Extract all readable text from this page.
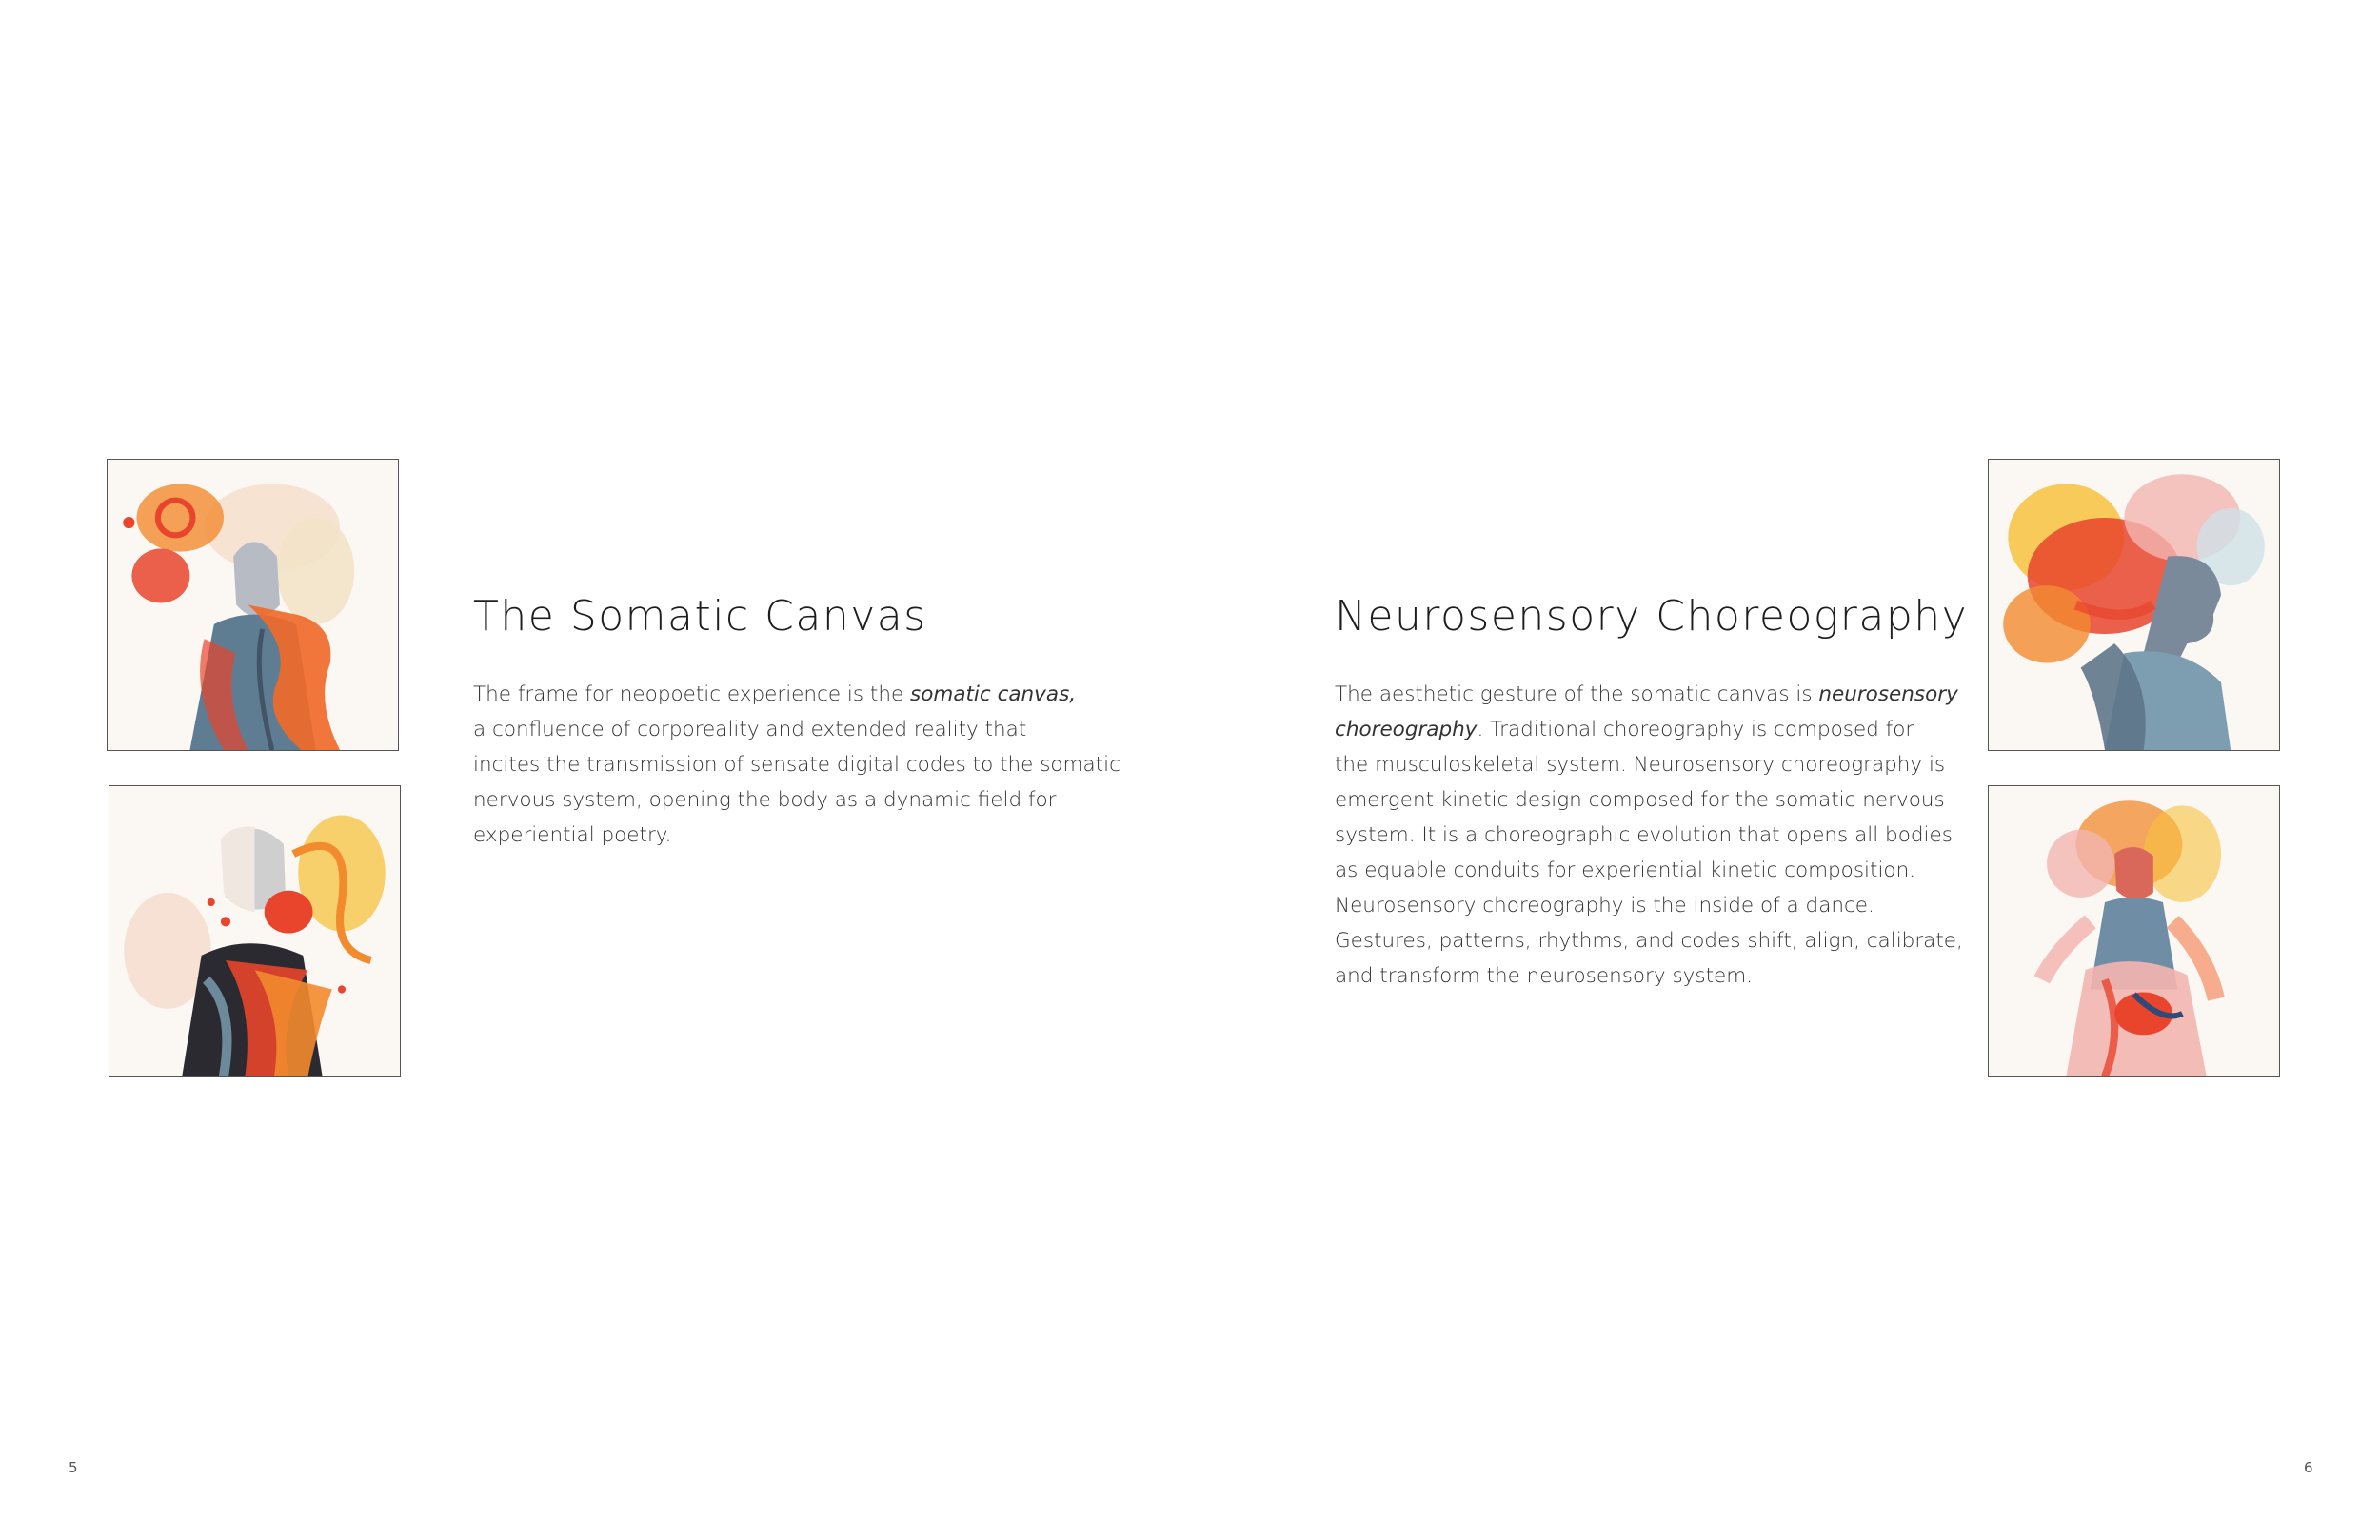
The Somatic Canvas

The frame for neopoetic experience is the somatic canvas,
a confluence of corporeality and extended reality that
incites the transmission of sensate digital codes to the somatic
nervous system, opening the body as a dynamic field for
experiential poetry.

5
Neurosensory Choreography

The aesthetic gesture of the somatic canvas is neurosensory
choreography. Traditional choreography is composed for
the musculoskeletal system. Neurosensory choreography is
emergent kinetic design composed for the somatic nervous
system. It is a choreographic evolution that opens all bodies
as equable conduits for experiential kinetic composition.
Neurosensory choreography is the inside of a dance.
Gestures, patterns, rhythms, and codes shift, align, calibrate,
and transform the neurosensory system.

6
